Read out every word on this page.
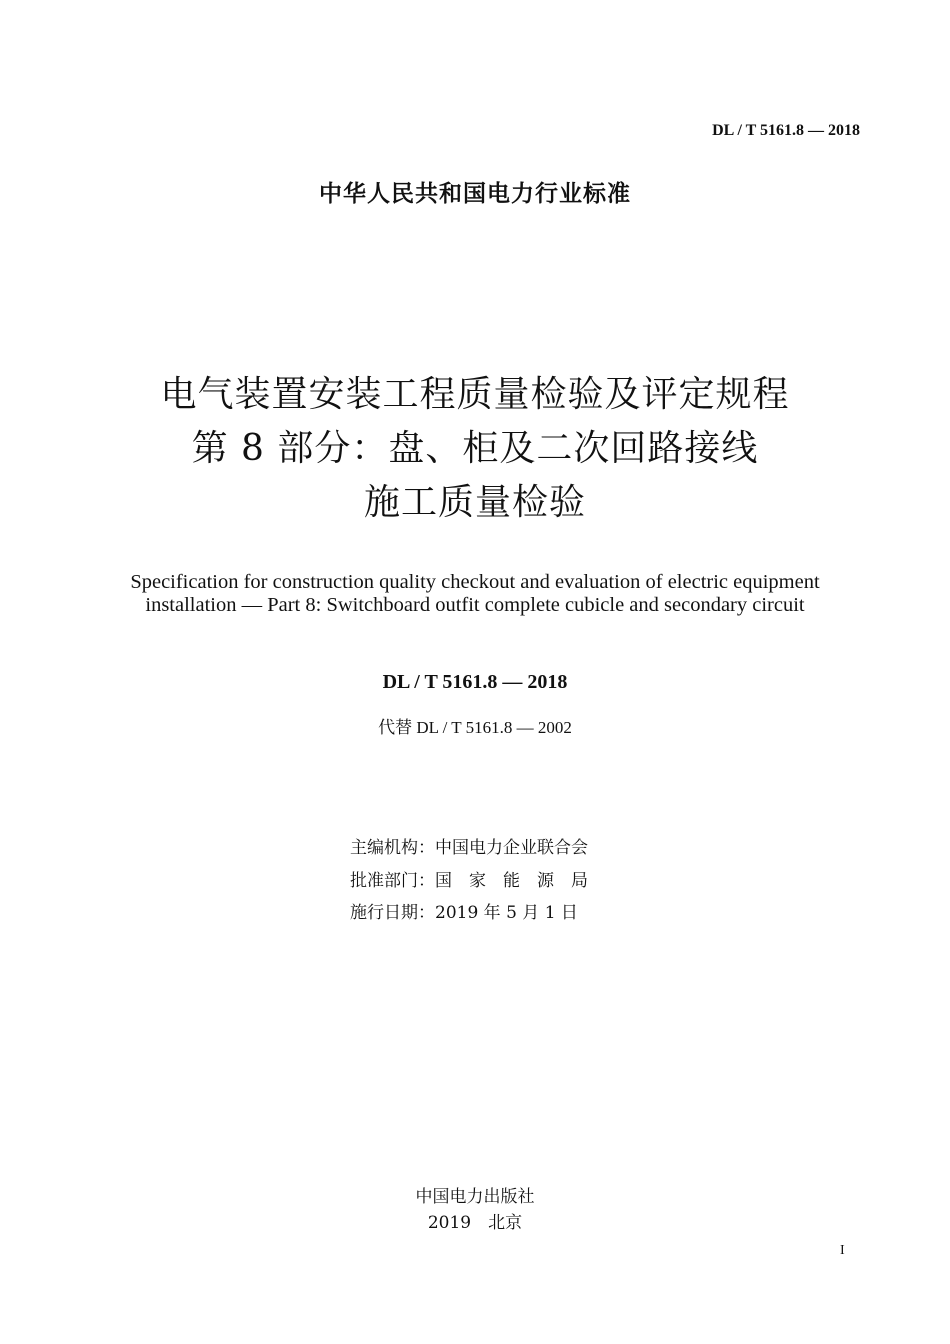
DL / T 5161.8 — 2018
中华人民共和国电力行业标准
电气装置安装工程质量检验及评定规程
第 8 部分：盘、柜及二次回路接线
施工质量检验
Specification for construction quality checkout and evaluation of electric equipment
installation — Part 8: Switchboard outfit complete cubicle and secondary circuit
DL / T 5161.8 — 2018
代替 DL / T 5161.8 — 2002
主编机构：中国电力企业联合会
批准部门：国　家　能　源　局
施行日期：2019 年 5 月 1 日
中国电力出版社
2019　北京
I
